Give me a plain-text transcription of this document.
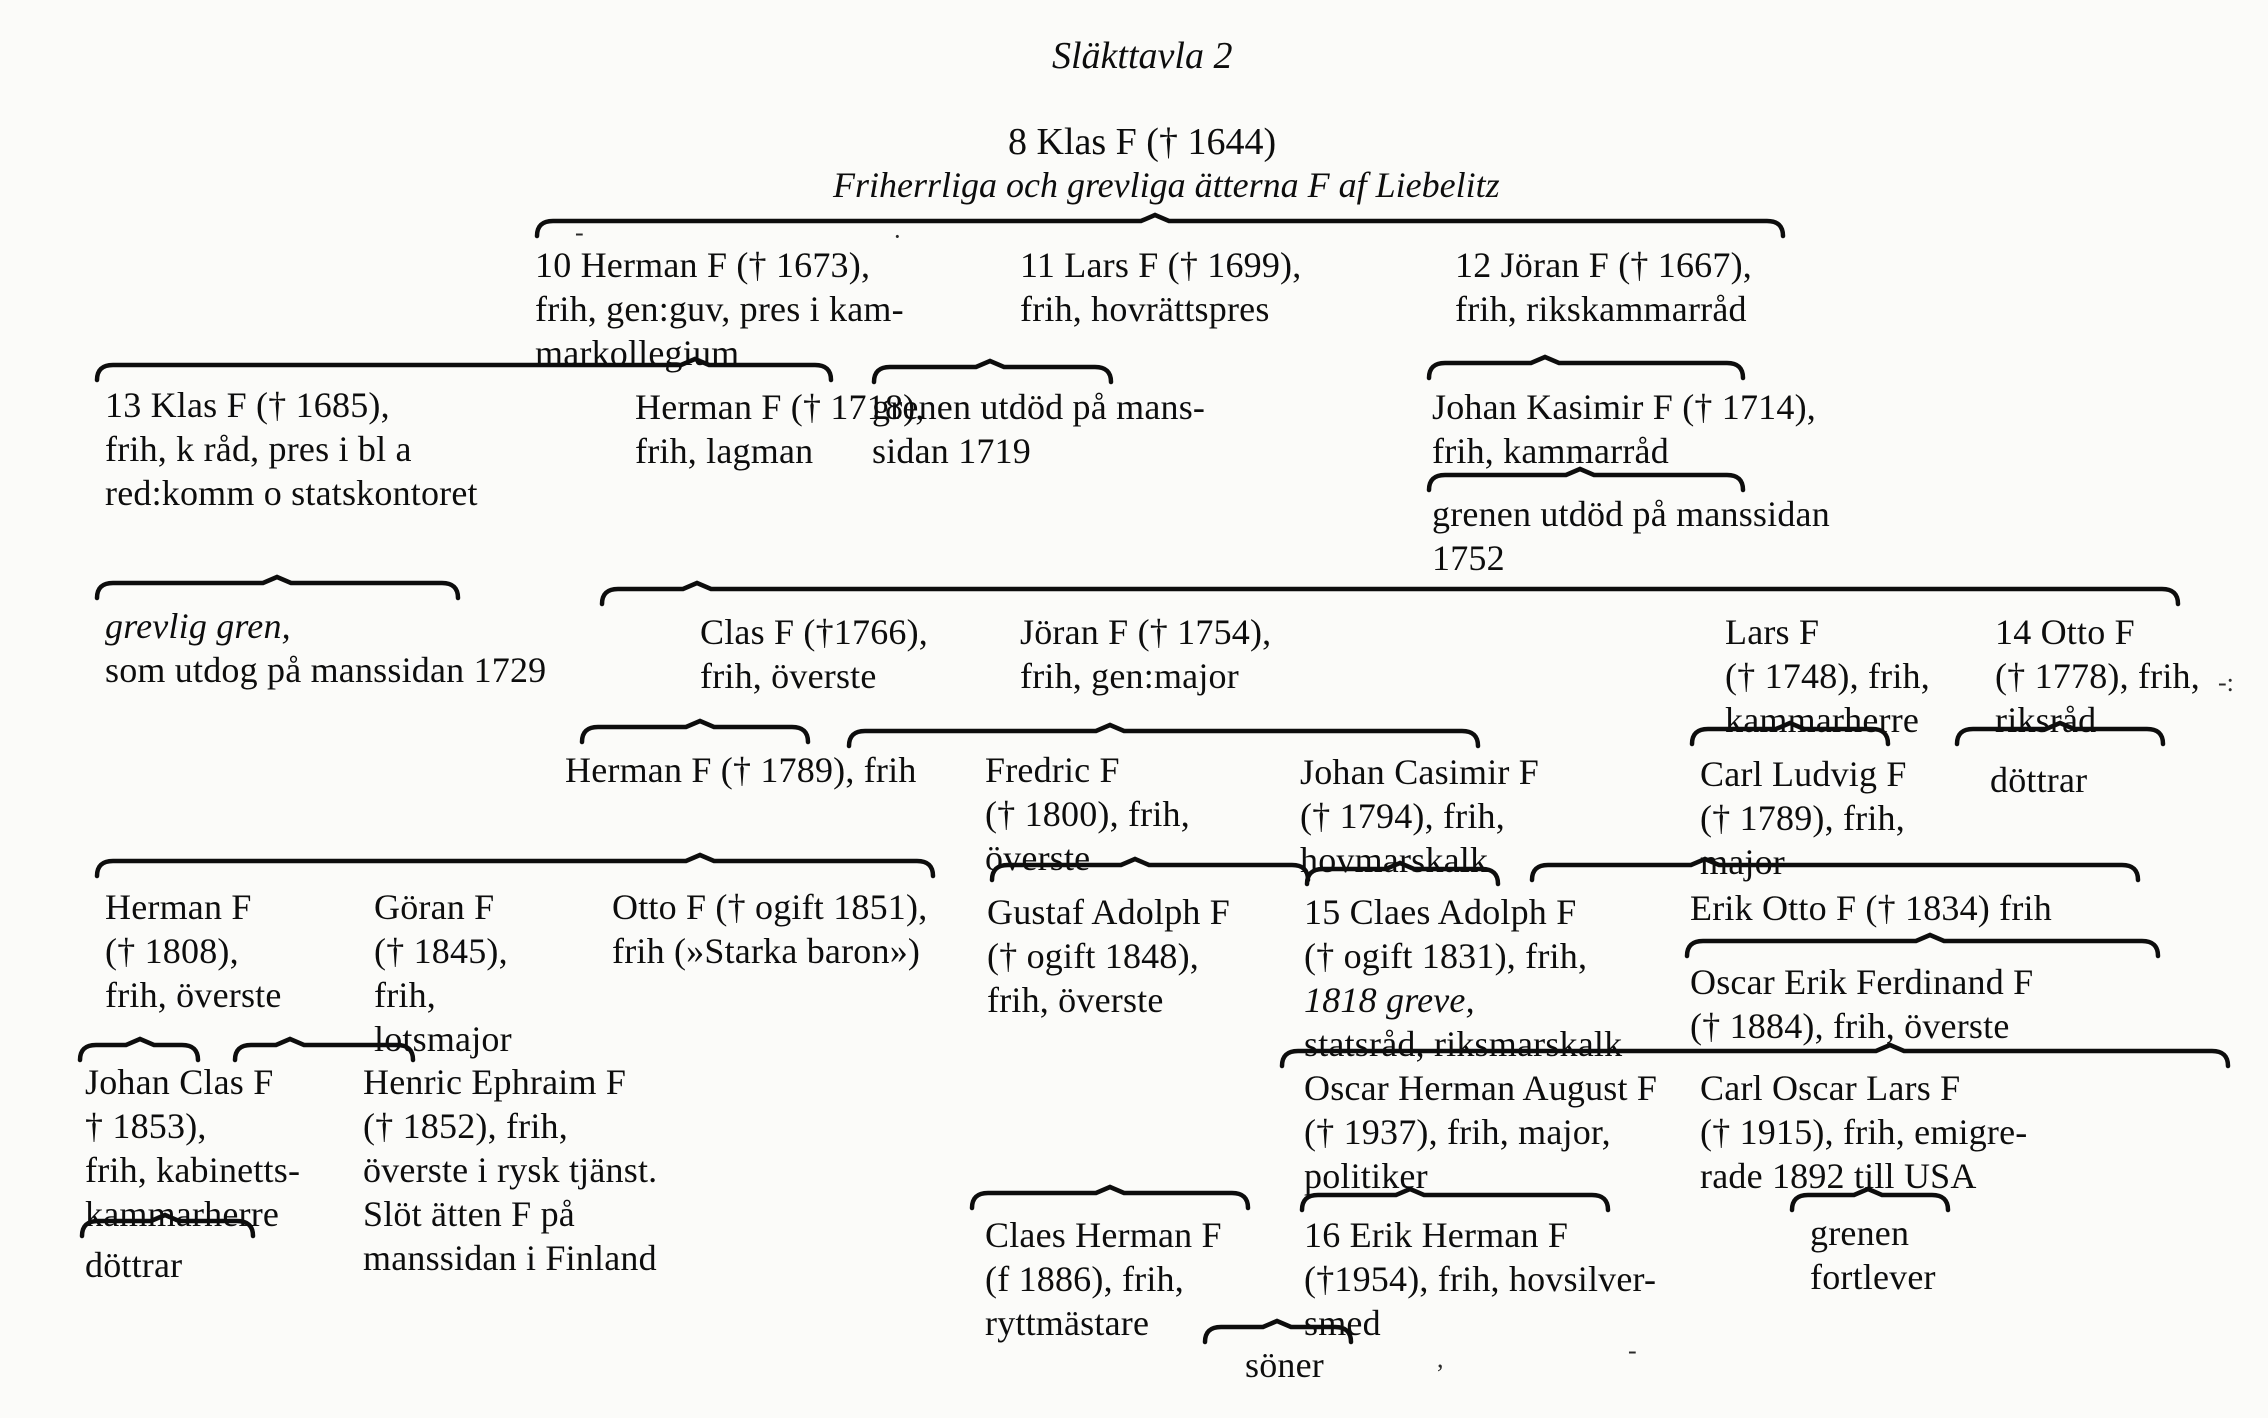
Släkttavla 2
8 Klas F († 1644)
Friherrliga och grevliga ätterna F af Liebelitz
10 Herman F († 1673),
frih, gen:guv, pres i kam-
markollegium
11 Lars F († 1699),
frih, hovrättspres
12 Jöran F († 1667),
frih, rikskammarråd
13 Klas F († 1685),
frih, k råd, pres i bl a
red:komm o statskontoret
Herman F († 1718),
frih, lagman
grenen utdöd på mans-
sidan 1719
Johan Kasimir F († 1714),
frih, kammarråd
grenen utdöd på manssidan
1752
grevlig gren,
som utdog på manssidan 1729
Clas F (†1766),
frih, överste
Jöran F († 1754),
frih, gen:major
Lars F
(† 1748), frih,
kammarherre
14 Otto F
(† 1778), frih,
riksråd
Herman F († 1789), frih Fredric F
(† 1800), frih,
överste
Johan Casimir F
(† 1794), frih,
hovmarskalk
Carl Ludvig F
(† 1789), frih,
major
döttrar
Herman F
(† 1808),
frih, överste
Göran F
(† 1845),
frih,
lotsmajor
Otto F († ogift 1851),
frih (»Starka baron»)
Gustaf Adolph F
(† ogift 1848),
frih, överste
15 Claes Adolph F
(† ogift 1831), frih,
1818 greve,
statsråd, riksmarskalk
Erik Otto F († 1834) frih
Oscar Erik Ferdinand F
(† 1884), frih, överste
Johan Clas F
† 1853),
frih, kabinetts-
kammarherre
Henric Ephraim F
(† 1852), frih,
överste i rysk tjänst.
Slöt ätten F på
manssidan i Finland
Oscar Herman August F
(† 1937), frih, major,
politiker
Carl Oscar Lars F
(† 1915), frih, emigre-
rade 1892 till USA
döttrar
Claes Herman F
(f 1886), frih,
ryttmästare
16 Erik Herman F
(†1954), frih, hovsilver-
smed
grenen
fortlever
söner
-	·
-:
-
,
